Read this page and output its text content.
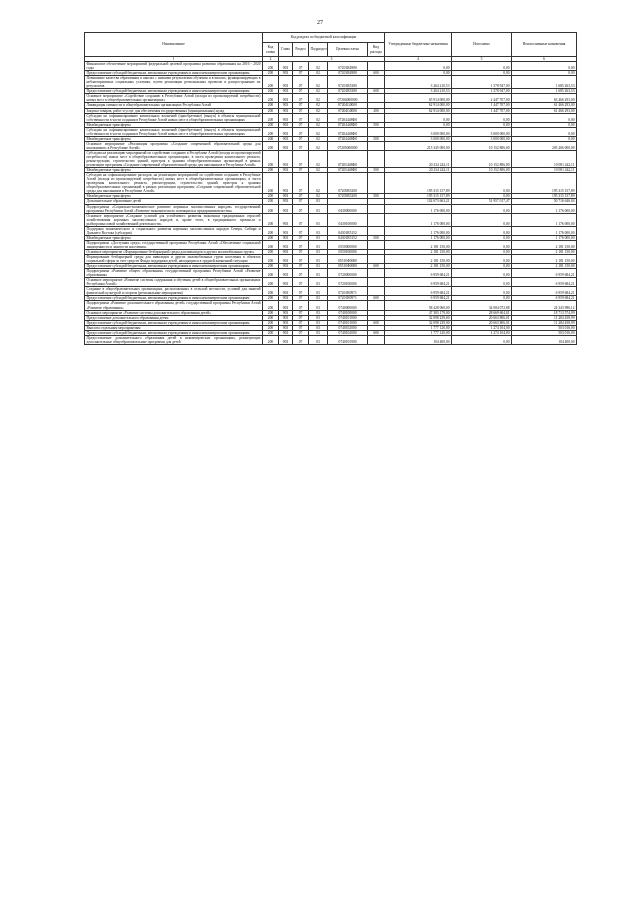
27
Наименование	Код раздела по бюджетной классификации						Утвержденные бюджетные назначения	Исполнено	Неисполненные назначения
	Код главы	Глава	Раздел	Подраздел	Целевая статья	Вид расхода			
1	2	3					4	5	6
Финансовое обеспечение мероприятий федеральной целевой программы развития образования на 2016 - 2020 годы	200	903	07	02	07201R4980		0,00	0,00	0,00
Предоставление субсидий бюджетным, автономным учреждениям и иным некоммерческим организациям	200	903	07	02	07201R4980	600	0,00	0,00	0,00
Повышение качества образования в школах с низкими результатами обучения и в школах, функционирующих в неблагоприятных социальных условиях, путем реализации региональных проектов и распространение их результатов	200	903	07	02	07201R5380		3 264 210,53	1 578 947,00	1 685 263,53
Предоставление субсидий бюджетным, автономным учреждениям и иным некоммерческим организациям	200	903	07	02	07201R5380	600	3 264 210,53	1 578 947,00	1 685 263,53
Основное мероприятие «Содействие созданию в Республике Алтай (исходя из прогнозируемой потребности) новых мест в общеобразовательных организациях»	200	903	07	02	07204000000		65 914 000,00	2 447 707,00	63 466 293,00
Ликвидация сменности в общеобразовательных организациях Республики Алтай	200	903	07	02	07204G0000		62 914 000,00	1 447 707,00	61 466 293,00
Закупка товаров, работ и услуг для обеспечения государственных (муниципальных) нужд	200	903	07	02	07204G0000	200	62 914 000,00	1 447 707,00	61 466 293,00
Субсидии на софинансирование капитальных вложений (приобретение) (выкуп) в объекты муниципальной собственности в части создания в Республике Алтай новых мест в общеобразовательных организациях	200	903	07	02	07204448Ф0		0,00	0,00	0,00
Межбюджетные трансферты	200	903	07	02	07204448Ф0	500	0,00	0,00	0,00
Субсидии на софинансирование капитальных вложений (приобретение) (выкуп) в объекты муниципальной собственности в части создания в Республике Алтай новых мест в общеобразовательных организациях	200	903	07	02	07204448Ф0		3 000 000,00	3 000 000,00	0,00
Межбюджетные трансферты	200	903	07	02	07204448Ф0	500	3 000 000,00	3 000 000,00	0,00
Основное мероприятие «Реализация программы «Создание современной образовательной среды для школьников» в Республике Алтай»	200	903	07	02	07205000000		215 345 000,00	10 152 806,00	205 266 000,00
Субсидии на реализацию мероприятий по содействию созданию в Республике Алтай (исходя из прогнозируемой потребности) новых мест в общеобразовательных организациях, в части проведения капитального ремонта, реконструкции, строительство зданий, пристроя к зданиям общеобразовательных организаций в рамках реализации программы «Создание современной образовательной среды для школьников в Республике Алтай»	200	903	07	02	07205448Ф0		20 234 242,11	10 152 806,00	10 081 442,11
Межбюджетные трансферты	200	903	07	02	07205448Ф0	500	20 234 242,11	10 152 806,00	10 081 442,11
Субсидии на софинансирование расходов, на реализацию мероприятий по содействию созданию в Республике Алтай (исходя из прогнозируемой потребности) новых мест в общеобразовательных организациях, в части проведения капитального ремонта, реконструкции, строительство зданий, пристроя к зданиям общеобразовательных организаций в рамках реализации программы «Создание современной образовательной среды для школьников в Республике Алтай»	200	903	07	02	07205R5200		195 315 157,89	0,00	195 315 157,89
Межбюджетные трансферты	200	903	07	02	07205R5200	500	195 315 157,89	0,00	195 315 157,89
Дополнительное образование детей	200	903	07	03			102 673 663,21	51 957 017,47	50 716 646,04
Подпрограмма «Социально-экономическое развитие коренных малочисленных народов» государственной программы Республики Алтай «Развитие экономического потенциала и предпринимательства»	200	903	07	03	0430000000		1 176 000,00	0,00	1 176 000,00
Основное мероприятие «Создание условий для устойчивого развития экономики традиционных отраслей хозяйствования коренных малочисленных народов и, кроме этого, в традиционного промысла и рыбопромысловой хозяйственной деятельности»	200	903	07	03	0430100000		1 176 000,00	0,00	1 176 000,00
Поддержка экономического и социального развития коренных малочисленных народов Севера, Сибири и Дальнего Востока (субсидии)	200	903	07	03	04301R5152		1 176 000,00	0,00	1 176 000,00
Межбюджетные трансферты	200	903	07	03	04301R5152	500	1 176 000,00	0,00	1 176 000,00
Подпрограмма «Доступная среда» государственной программы Республики Алтай «Обеспечение социальной защищенности и занятости населения»	200	903	07	03	0550000000		2 181 150,00	0,00	2 181 150,00
Основное мероприятие «Формирование безбарьерной среды для инвалидов и других маломобильных групп»	200	903	07	03	0550100000		2 181 150,00	0,00	2 181 150,00
Формирование безбарьерной среды для инвалидов и других маломобильных групп населения в объектах социальной сферы за счет средств Фонда поддержки детей, находящихся в трудной жизненной ситуации	200	903	07	03	05510Ф0000		2 181 150,00	0,00	2 181 150,00
Предоставление субсидий бюджетным, автономным учреждениям и иным некоммерческим организациям	200	903	07	03	05510Ф0000	600	2 181 150,00	0,00	2 181 150,00
Подпрограмма «Развитие общего образования» государственной программы Республики Алтай «Развитие образования»	200	903	07	03	0720000000		6 959 684,21	0,00	6 959 684,21
Основное мероприятие «Развитие системы содержания и обучения детей в общеобразовательных организациях Республики Алтай»	200	903	07	03	0720100000		6 959 684,21	0,00	6 959 684,21
Создание в общеобразовательных организациях, расположенных в сельской местности, условий для занятий физической культурой и спортом (региональные мероприятия)	200	903	07	03	07201R0971		6 959 684,21	0,00	6 959 684,21
Предоставление субсидий бюджетным, автономным учреждениям и иным некоммерческим организациям	200	903	07	03	07201R0971	600	6 959 684,21	0,00	6 959 684,21
Подпрограмма «Развитие дополнительного образования детей» государственной программы Республики Алтай «Развитие образования»	200	903	07	03	0740000000		58 428 060,00	34 084 072,88	24 343 986,12
Основное мероприятие «Развитие системы дополнительного образования детей»	200	903	07	03	0740100000		47 383 179,00	28 669 604,01	18 713 574,99
Предоставление дополнительного образования детям	200	903	07	03	0740101000		32 098 239,00	20 663 806,01	11 284 458,99
Предоставление субсидий бюджетным, автономным учреждениям и иным некоммерческим организациям	200	903	07	03	0740101000	600	32 098 239,00	20 663 806,01	11 284 458,99
Выплата отдельным мероприятиям	200	903	07	03	0740102000		1 777 120,00	1 274 104,00	503 016,00
Предоставление субсидий бюджетным, автономным учреждениям и иным некоммерческим организациям	200	903	07	03	0740102000	600	1 777 120,00	1 274 104,00	503 016,00
Предоставление дополнительного образования детей в некоммерческих организациях, реализующих дополнительные общеобразовательные программы для детей	200	903	07	03	0740103900		104 400,00	0,00	104 400,00
